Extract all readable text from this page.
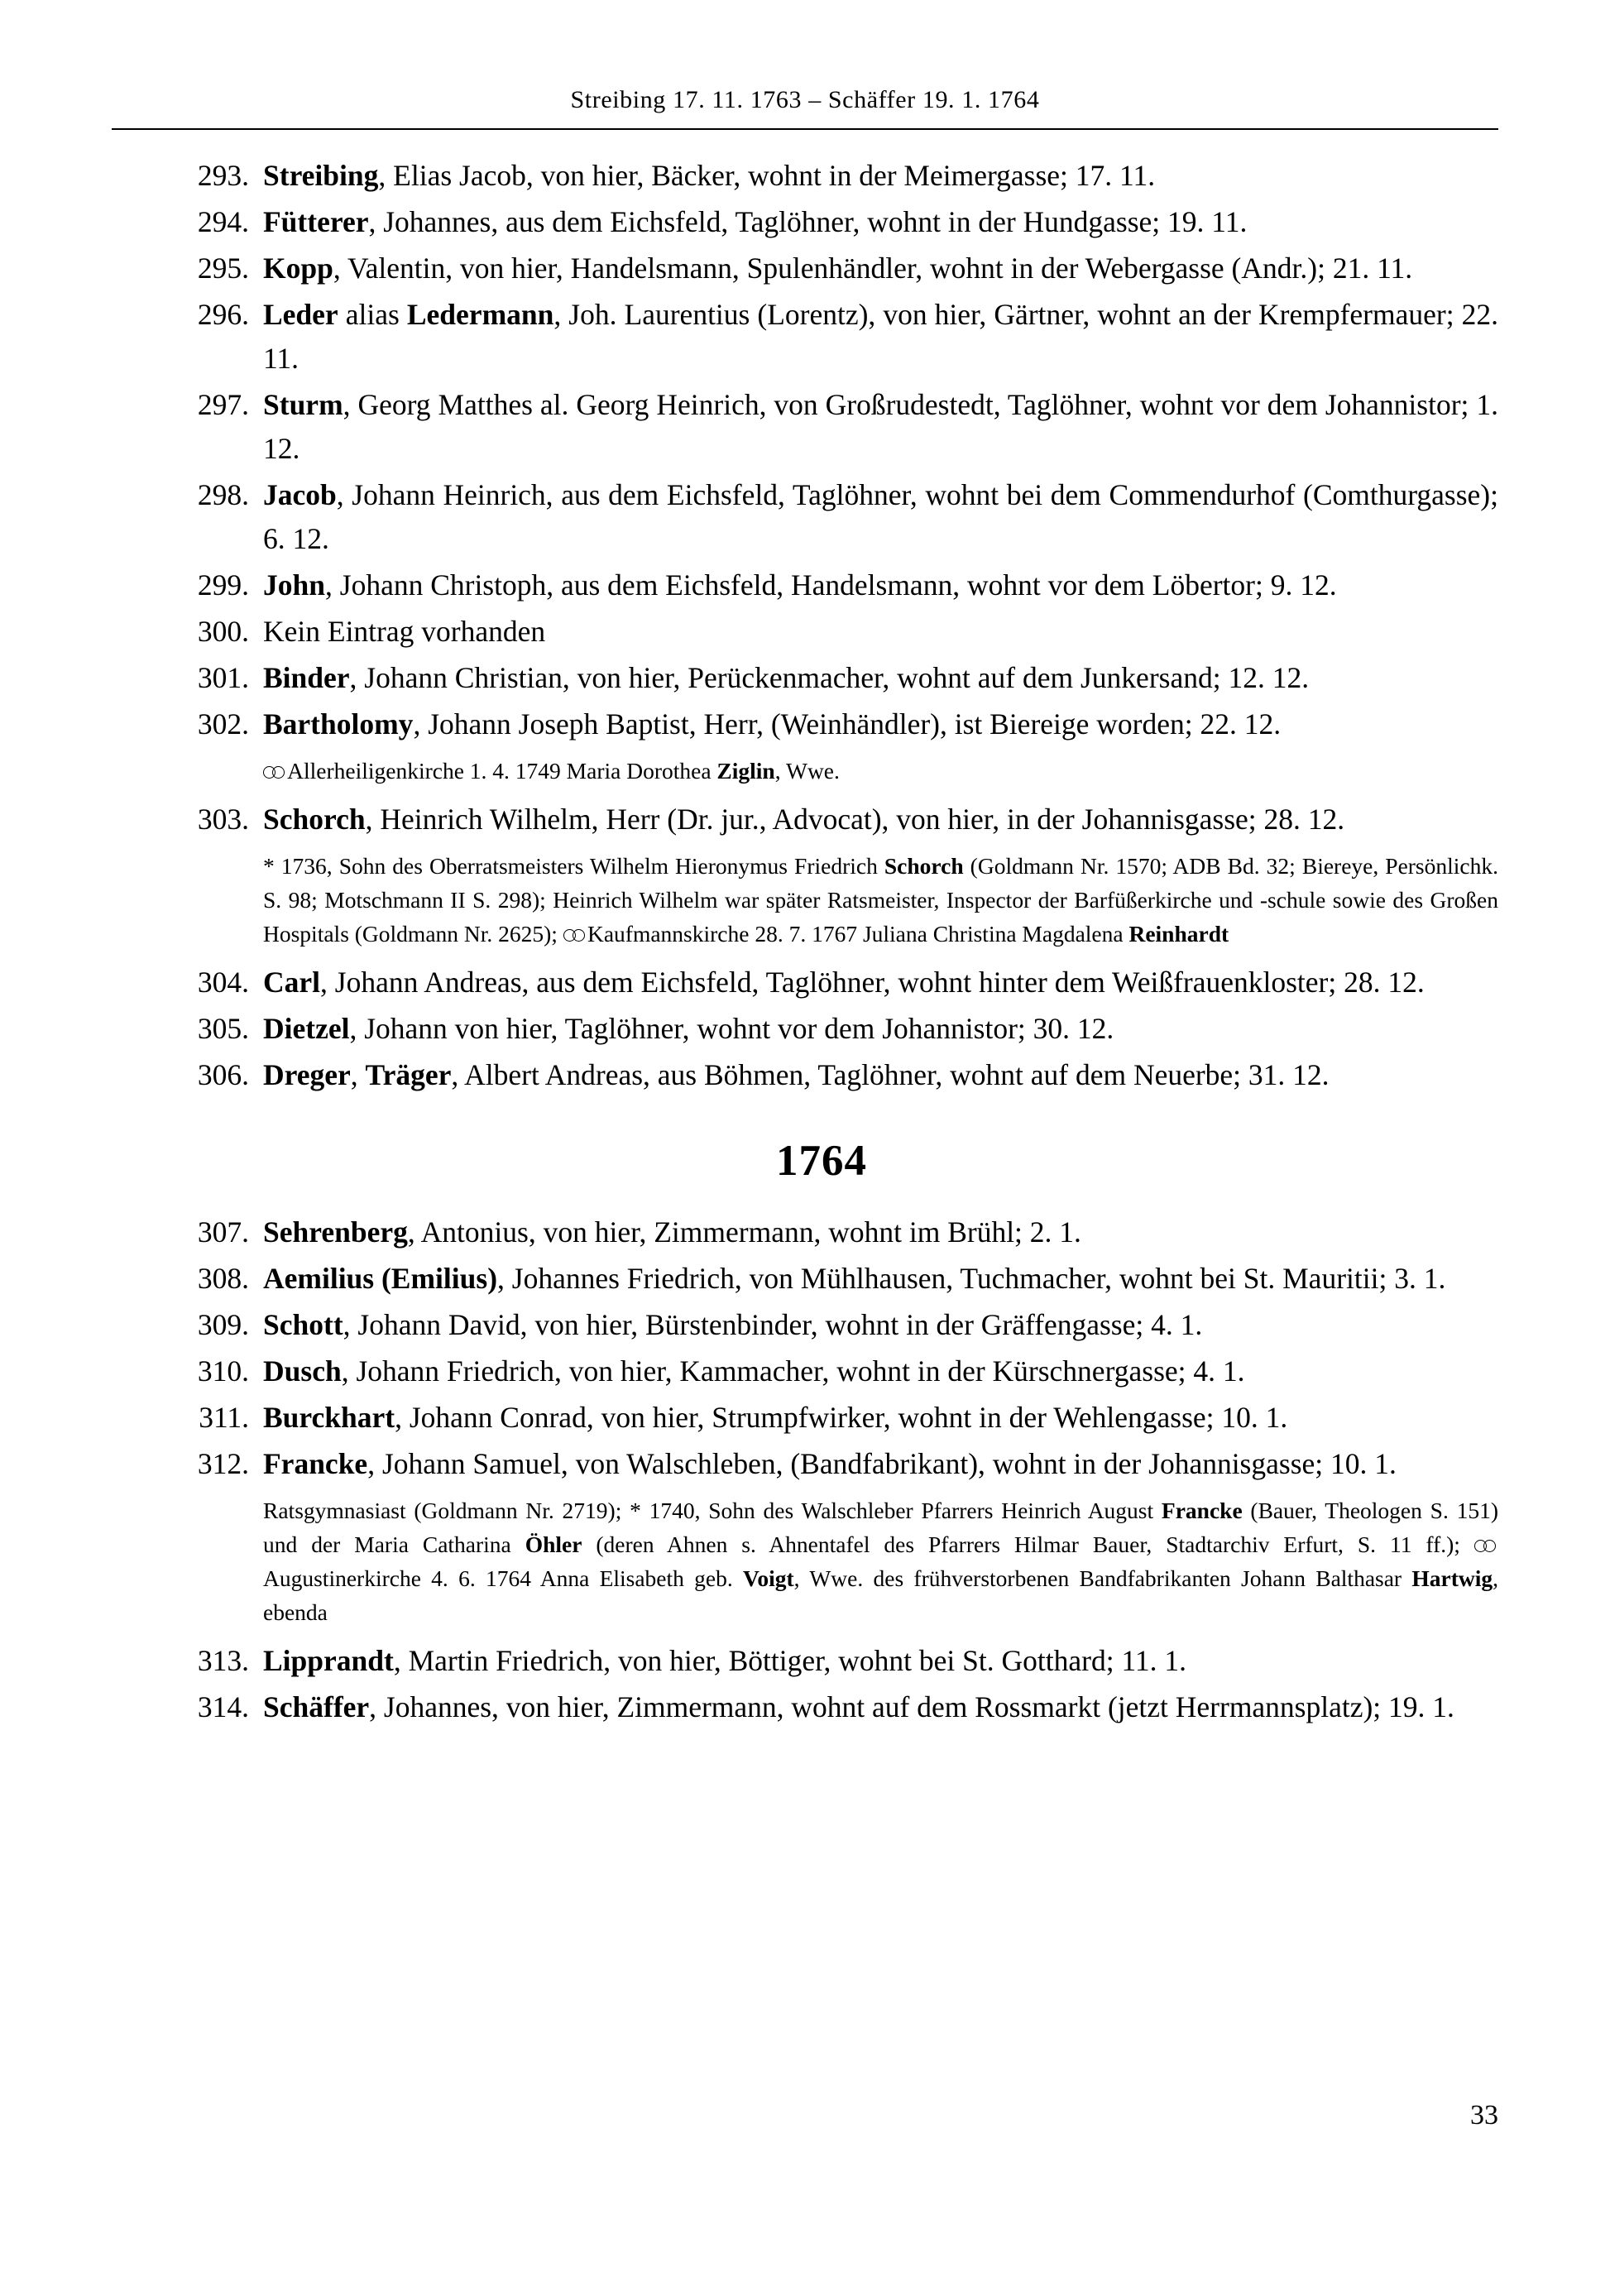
Streibing 17. 11. 1763 – Schäffer 19. 1. 1764

293. Streibing, Elias Jacob, von hier, Bäcker, wohnt in der Meimergasse; 17. 11.

294. Fütterer, Johannes, aus dem Eichsfeld, Taglöhner, wohnt in der Hundgasse; 19. 11.

295. Kopp, Valentin, von hier, Handelsmann, Spulenhändler, wohnt in der Webergasse (Andr.); 21. 11.

296. Leder alias Ledermann, Joh. Laurentius (Lorentz), von hier, Gärtner, wohnt an der Krempfermauer; 22. 11.

297. Sturm, Georg Matthes al. Georg Heinrich, von Großrudestedt, Taglöhner, wohnt vor dem Johannistor; 1. 12.

298. Jacob, Johann Heinrich, aus dem Eichsfeld, Taglöhner, wohnt bei dem Commendurhof (Comthurgasse); 6. 12.

299. John, Johann Christoph, aus dem Eichsfeld, Handelsmann, wohnt vor dem Löbertor; 9. 12.

300. Kein Eintrag vorhanden

301. Binder, Johann Christian, von hier, Perückenmacher, wohnt auf dem Junkersand; 12. 12.

302. Bartholomy, Johann Joseph Baptist, Herr, (Weinhändler), ist Biereige worden; 22. 12.

Allerheiligenkirche 1. 4. 1749 Maria Dorothea Ziglin, Wwe.

303. Schorch, Heinrich Wilhelm, Herr (Dr. jur., Advocat), von hier, in der Johannisgasse; 28. 12.

* 1736, Sohn des Oberratsmeisters Wilhelm Hieronymus Friedrich Schorch (Goldmann Nr. 1570; ADB Bd. 32; Biereye, Persönlichk. S. 98; Motschmann II S. 298); Heinrich Wilhelm war später Ratsmeister, Inspector der Barfüßerkirche und -schule sowie des Großen Hospitals (Goldmann Nr. 2625); Kaufmannskirche 28. 7. 1767 Juliana Christina Magdalena Reinhardt

304. Carl, Johann Andreas, aus dem Eichsfeld, Taglöhner, wohnt hinter dem Weißfrauenkloster; 28. 12.

305. Dietzel, Johann von hier, Taglöhner, wohnt vor dem Johannistor; 30. 12.

306. Dreger, Träger, Albert Andreas, aus Böhmen, Taglöhner, wohnt auf dem Neuerbe; 31. 12.

1764

307. Sehrenberg, Antonius, von hier, Zimmermann, wohnt im Brühl; 2. 1.

308. Aemilius (Emilius), Johannes Friedrich, von Mühlhausen, Tuchmacher, wohnt bei St. Mauritii; 3. 1.

309. Schott, Johann David, von hier, Bürstenbinder, wohnt in der Gräffengasse; 4. 1.

310. Dusch, Johann Friedrich, von hier, Kammacher, wohnt in der Kürschnergasse; 4. 1.

311. Burckhart, Johann Conrad, von hier, Strumpfwirker, wohnt in der Wehlengasse; 10. 1.

312. Francke, Johann Samuel, von Walschleben, (Bandfabrikant), wohnt in der Johannisgasse; 10. 1.

Ratsgymnasiast (Goldmann Nr. 2719); * 1740, Sohn des Walschleber Pfarrers Heinrich August Francke (Bauer, Theologen S. 151) und der Maria Catharina Öhler (deren Ahnen s. Ahnentafel des Pfarrers Hilmar Bauer, Stadtarchiv Erfurt, S. 11 ff.); Augustinerkirche 4. 6. 1764 Anna Elisabeth geb. Voigt, Wwe. des frühverstorbenen Bandfabrikanten Johann Balthasar Hartwig, ebenda

313. Lipprandt, Martin Friedrich, von hier, Böttiger, wohnt bei St. Gotthard; 11. 1.

314. Schäffer, Johannes, von hier, Zimmermann, wohnt auf dem Rossmarkt (jetzt Herrmannsplatz); 19. 1.

33
